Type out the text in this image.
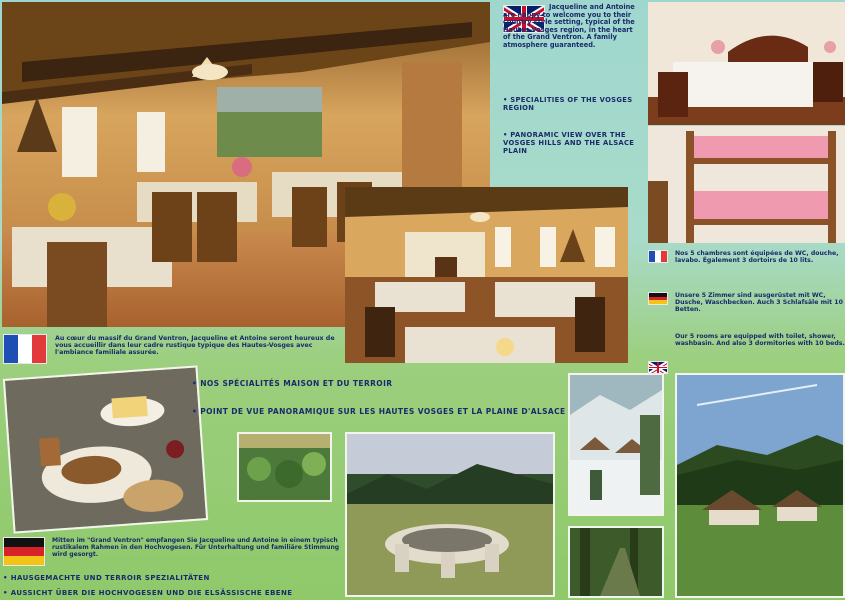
Jacqueline and Antoine are happy to welcome you to their country style setting, typical of the Hautes-Vosges region, in the heart of the Grand Ventron. A family atmosphere guaranteed.
• SPECIALITIES OF THE VOSGES REGION
• PANORAMIC VIEW OVER THE VOSGES HILLS AND THE ALSACE PLAIN
Nos 5 chambres sont équipées de WC, douche, lavabo. Également 3 dortoirs de 10 lits.
Unsere 5 Zimmer sind ausgerüstet mit WC, Dusche, Waschbecken. Auch 3 Schlafsäle mit 10 Betten.
Our 5 rooms are equipped with toilet, shower, washbasin. And also 3 dormitories with 10 beds.
Au cœur du massif du Grand Ventron, Jacqueline et Antoine seront heureux de vous accueillir dans leur cadre rustique typique des Hautes-Vosges avec l'ambiance familiale assurée.
• NOS SPÉCIALITÉS MAISON ET DU TERROIR
• POINT DE VUE PANORAMIQUE SUR LES HAUTES VOSGES ET LA PLAINE D'ALSACE
Mitten im "Grand Ventron" empfangen Sie Jacqueline und Antoine in einem typisch rustikalem Rahmen in den Hochvogesen. Für Unterhaltung und familiäre Stimmung wird gesorgt.
• HAUSGEMACHTE UND TERROIR SPEZIALITÄTEN
• AUSSICHT ÜBER DIE HOCHVOGESEN UND DIE ELSÄSSISCHE EBENE
